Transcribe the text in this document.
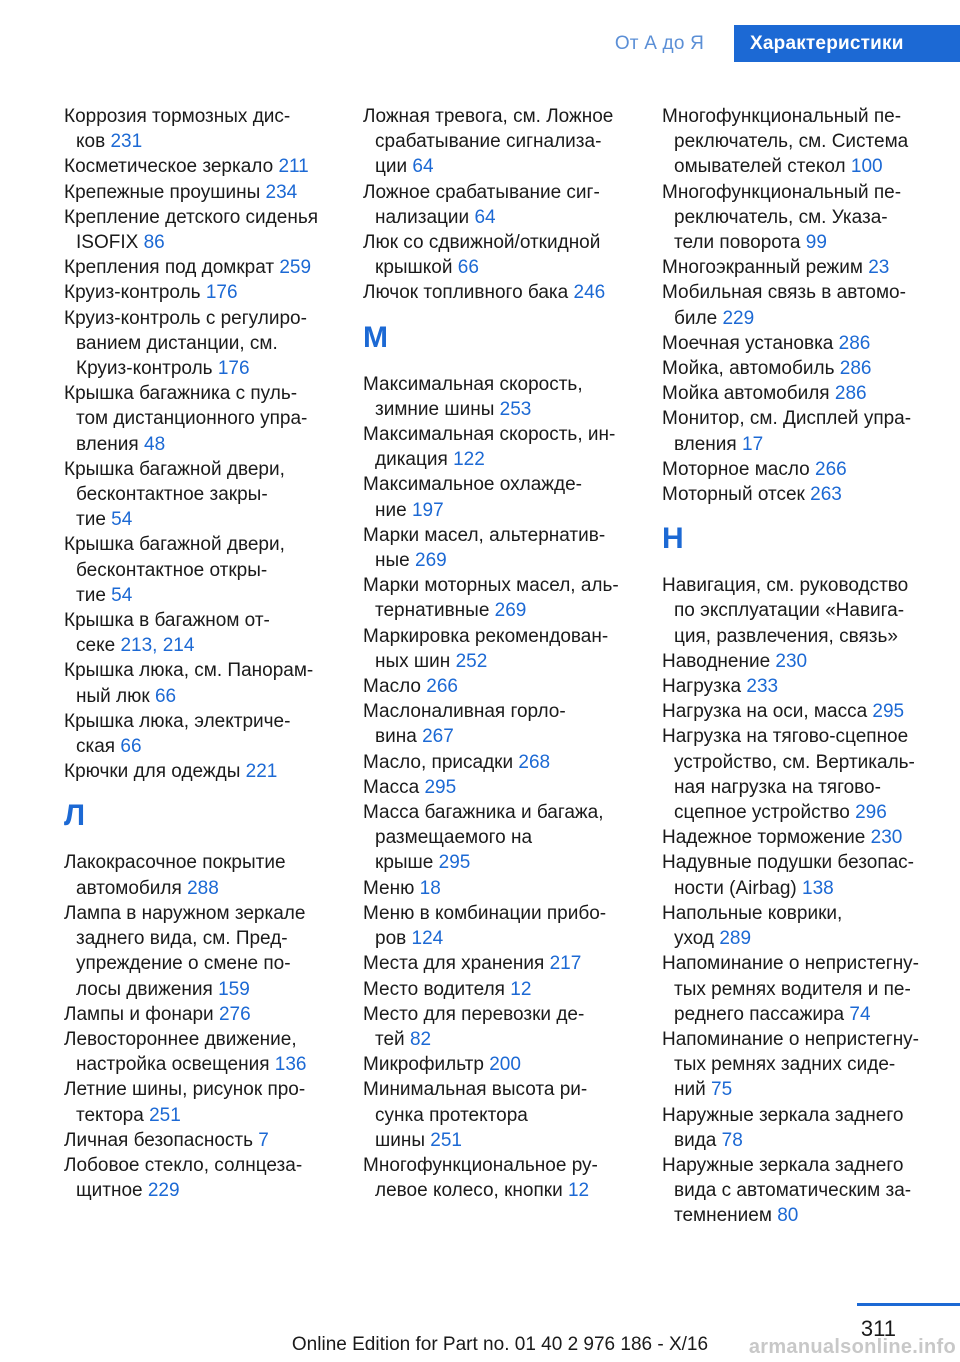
От А до Я	Характеристики
Коррозия тормозных дис-
ков 231
Косметическое зеркало 211
Крепежные проушины 234
Крепление детского сиденья
ISOFIX 86
Крепления под домкрат 259
Круиз-контроль 176
Круиз-контроль с регулиро-
ванием дистанции, см.
Круиз-контроль 176
Крышка багажника с пуль-
том дистанционного упра-
вления 48
Крышка багажной двери,
бесконтактное закры-
тие 54
Крышка багажной двери,
бесконтактное откры-
тие 54
Крышка в багажном от-
секе 213, 214
Крышка люка, см. Панорам-
ный люк 66
Крышка люка, электриче-
ская 66
Крючки для одежды 221
Л
Лакокрасочное покрытие
автомобиля 288
Лампа в наружном зеркале
заднего вида, см. Пред-
упреждение о смене по-
лосы движения 159
Лампы и фонари 276
Левостороннее движение,
настройка освещения 136
Летние шины, рисунок про-
тектора 251
Личная безопасность 7
Лобовое стекло, солнцеза-
щитное 229
Ложная тревога, см. Ложное
срабатывание сигнализа-
ции 64
Ложное срабатывание сиг-
нализации 64
Люк со сдвижной/откидной
крышкой 66
Лючок топливного бака 246
М
Максимальная скорость,
зимние шины 253
Максимальная скорость, ин-
дикация 122
Максимальное охлажде-
ние 197
Марки масел, альтернатив-
ные 269
Марки моторных масел, аль-
тернативные 269
Маркировка рекомендован-
ных шин 252
Масло 266
Маслоналивная горло-
вина 267
Масло, присадки 268
Масса 295
Масса багажника и багажа,
размещаемого на
крыше 295
Меню 18
Меню в комбинации прибо-
ров 124
Места для хранения 217
Место водителя 12
Место для перевозки де-
тей 82
Микрофильтр 200
Минимальная высота ри-
сунка протектора
шины 251
Многофункциональное ру-
левое колесо, кнопки 12
Многофункциональный пе-
реключатель, см. Система
омывателей стекол 100
Многофункциональный пе-
реключатель, см. Указа-
тели поворота 99
Многоэкранный режим 23
Мобильная связь в автомо-
биле 229
Моечная установка 286
Мойка, автомобиль 286
Мойка автомобиля 286
Монитор, см. Дисплей упра-
вления 17
Моторное масло 266
Моторный отсек 263
Н
Навигация, см. руководство
по эксплуатации «Навига-
ция, развлечения, связь»
Наводнение 230
Нагрузка 233
Нагрузка на оси, масса 295
Нагрузка на тягово-сцепное
устройство, см. Вертикаль-
ная нагрузка на тягово-
сцепное устройство 296
Надежное торможение 230
Надувные подушки безопас-
ности (Airbag) 138
Напольные коврики,
уход 289
Напоминание о непристегну-
тых ремнях водителя и пе-
реднего пассажира 74
Напоминание о непристегну-
тых ремнях задних сиде-
ний 75
Наружные зеркала заднего
вида 78
Наружные зеркала заднего
вида с автоматическим за-
темнением 80
311
Online Edition for Part no. 01 40 2 976 186 - X/16	armanualsonline.info
